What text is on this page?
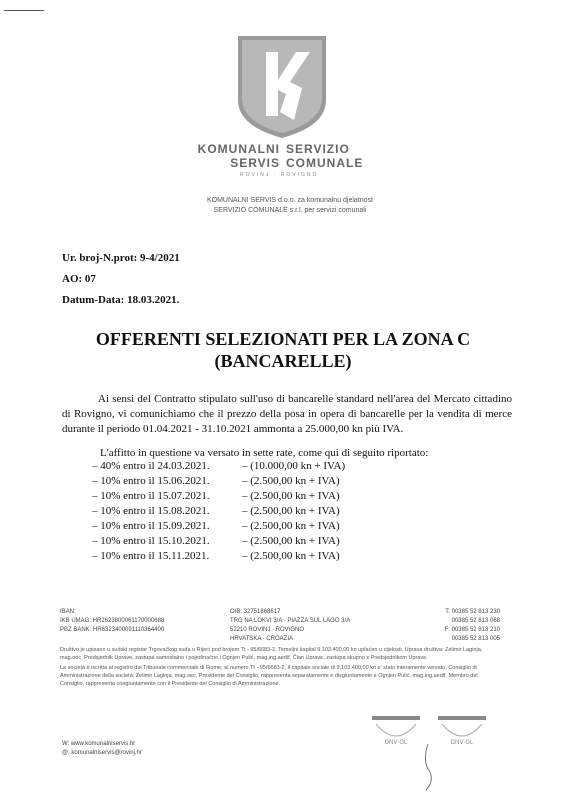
KOMUNALNI SERVIZIO
SERVIS COMUNALE
ROVINJ · ROVIGNO
KOMUNALNI SERVIS d.o.o. za komunalnu djelatnost
SERVIZIO COMUNALE s.r.l. per servizi comunali
Ur. broj-N.prot: 9-4/2021
AO: 07
Datum-Data: 18.03.2021.
OFFERENTI SELEZIONATI PER LA ZONA C
(BANCARELLE)
Ai sensi del Contratto stipulato sull'uso di bancarelle standard nell'area del Mercato cittadino di Rovigno, vi comunichiamo che il prezzo della posa in opera di bancarelle per la vendita di merce durante il periodo 01.04.2021 - 31.10.2021 ammonta a 25.000,00 kn più IVA.
L'affitto in questione va versato in sette rate, come qui di seguito riportato:
– 40% entro il 24.03.2021.	– (10.000,00 kn + IVA)
– 10% entro il 15.06.2021.	– (2.500,00 kn + IVA)
– 10% entro il 15.07.2021.	– (2.500,00 kn + IVA)
– 10% entro il 15.08.2021.	– (2.500,00 kn + IVA)
– 10% entro il 15.09.2021.	– (2.500,00 kn + IVA)
– 10% entro il 15.10.2021.	– (2.500,00 kn + IVA)
– 10% entro il 15.11.2021.	– (2.500,00 kn + IVA)
IBAN:
IKB UMAG: HR2623800061170000688
PBZ BANK: HR6323400091110364400
OIB: 32751868617
TRG NA LOKVI 3/A · PIAZZA SUL LAGO 3/A
52210 ROVINJ · ROVIGNO
HRVATSKA · CROAZIA
T: 00385 52 813 230
00385 52 813 068
F: 00385 52 813 210
00385 52 813 005

Društvo je upisano u sudski registar Trgovačkog suda u Rijeci pod brojem Tt - 95/6683-2, Temeljni kapital 9.103.400,00 kn uplaćen u cijelosti, Uprava društva: Zelimir Laginja, mag.oec, Predsjednik Uprave, zastupa samostalno i pojedinačno i Ognjen Pulić, mag.ing.aedif, Član Uprave, zastupa skupno s Predsjednikom Uprave.

La società è iscritta al registro del Tribunale commerciale di Fiume, al numero Tt - 95/6683-2, il capitale sociale di 9.103.400,00 kn e' stato interamente versato, Consiglio di Amministrazione della società: Zelimir Laginja, mag.oec, Presidente del Consiglio, rappresenta separatamente e disgiuntamente e Ognjen Pulić, mag.ing.aedif, Membro del Consiglio, rappresenta congiuntamente con il Presidente del Consiglio di Amministrazione.

W: www.komunalniservis.hr
@: komunalniservis@rovinj.hr
DNV·GL	DNV·GL
